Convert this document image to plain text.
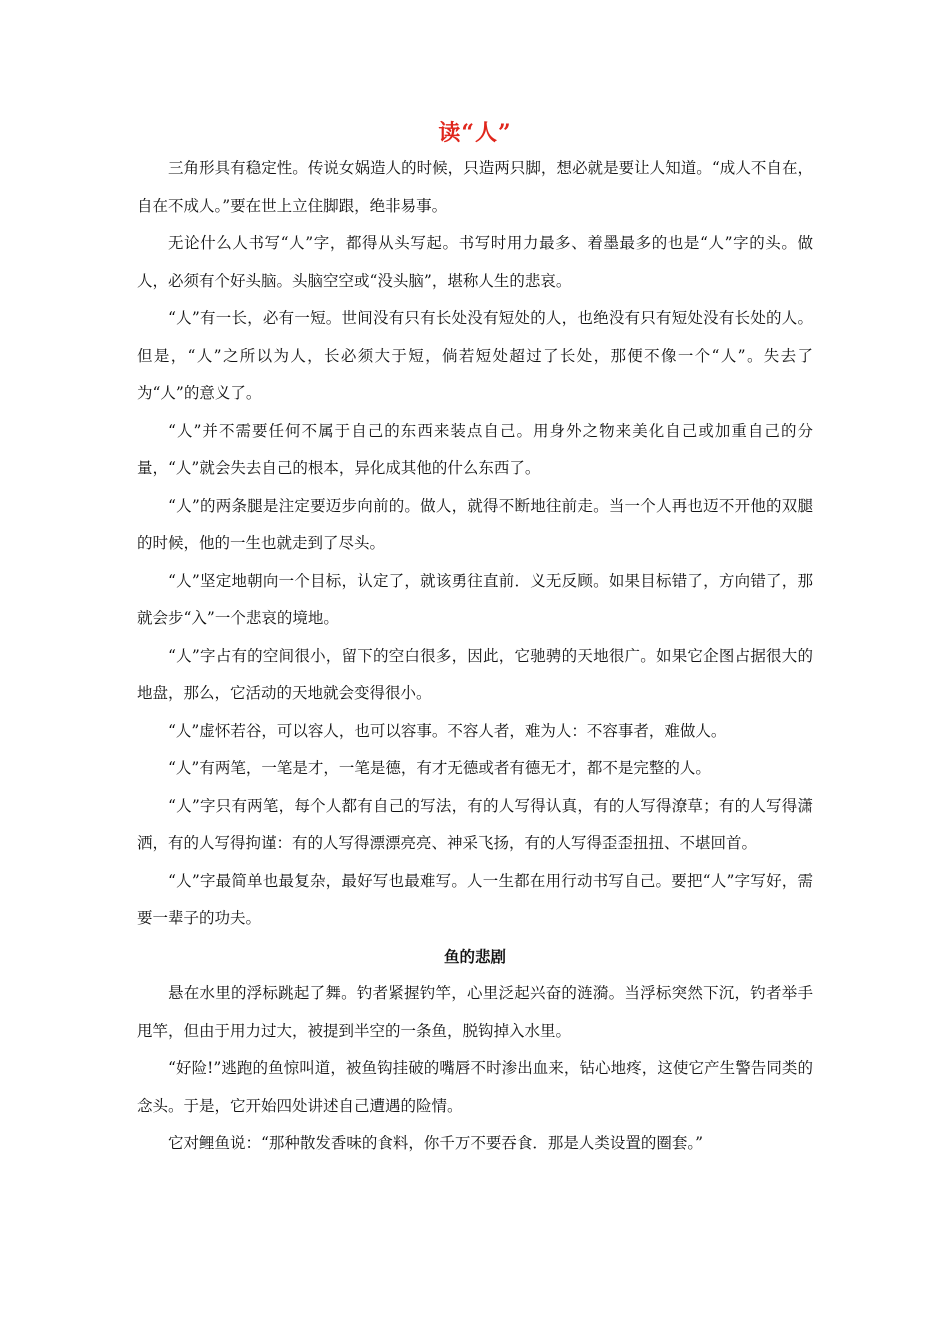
读“人”

三角形具有稳定性。传说女娲造人的时候，只造两只脚，想必就是要让人知道。“成人不自在，自在不成人。”要在世上立住脚跟，绝非易事。

无论什么人书写“人”字，都得从头写起。书写时用力最多、着墨最多的也是“人”字的头。做人，必须有个好头脑。头脑空空或“没头脑”，堪称人生的悲哀。

“人”有一长，必有一短。世间没有只有长处没有短处的人，也绝没有只有短处没有长处的人。但是，“人”之所以为人，长必须大于短，倘若短处超过了长处，那便不像一个“人”。失去了为“人”的意义了。

“人”并不需要任何不属于自己的东西来装点自己。用身外之物来美化自己或加重自己的分量，“人”就会失去自己的根本，异化成其他的什么东西了。

“人”的两条腿是注定要迈步向前的。做人，就得不断地往前走。当一个人再也迈不开他的双腿的时候，他的一生也就走到了尽头。

“人”坚定地朝向一个目标，认定了，就该勇往直前．义无反顾。如果目标错了，方向错了，那就会步“入”一个悲哀的境地。

“人”字占有的空间很小，留下的空白很多，因此，它驰骋的天地很广。如果它企图占据很大的地盘，那么，它活动的天地就会变得很小。

“人”虚怀若谷，可以容人，也可以容事。不容人者，难为人：不容事者，难做人。

“人”有两笔，一笔是才，一笔是德，有才无德或者有德无才，都不是完整的人。

“人”字只有两笔，每个人都有自己的写法，有的人写得认真，有的人写得潦草；有的人写得潇洒，有的人写得拘谨：有的人写得漂漂亮亮、神采飞扬，有的人写得歪歪扭扭、不堪回首。

“人”字最简单也最复杂，最好写也最难写。人一生都在用行动书写自己。要把“人”字写好，需要一辈子的功夫。

鱼的悲剧

悬在水里的浮标跳起了舞。钓者紧握钓竿，心里泛起兴奋的涟漪。当浮标突然下沉，钓者举手甩竿，但由于用力过大，被提到半空的一条鱼，脱钩掉入水里。

“好险!”逃跑的鱼惊叫道，被鱼钩挂破的嘴唇不时渗出血来，钻心地疼，这使它产生警告同类的念头。于是，它开始四处讲述自己遭遇的险情。

它对鲤鱼说：“那种散发香味的食料，你千万不要吞食．那是人类设置的圈套。”
